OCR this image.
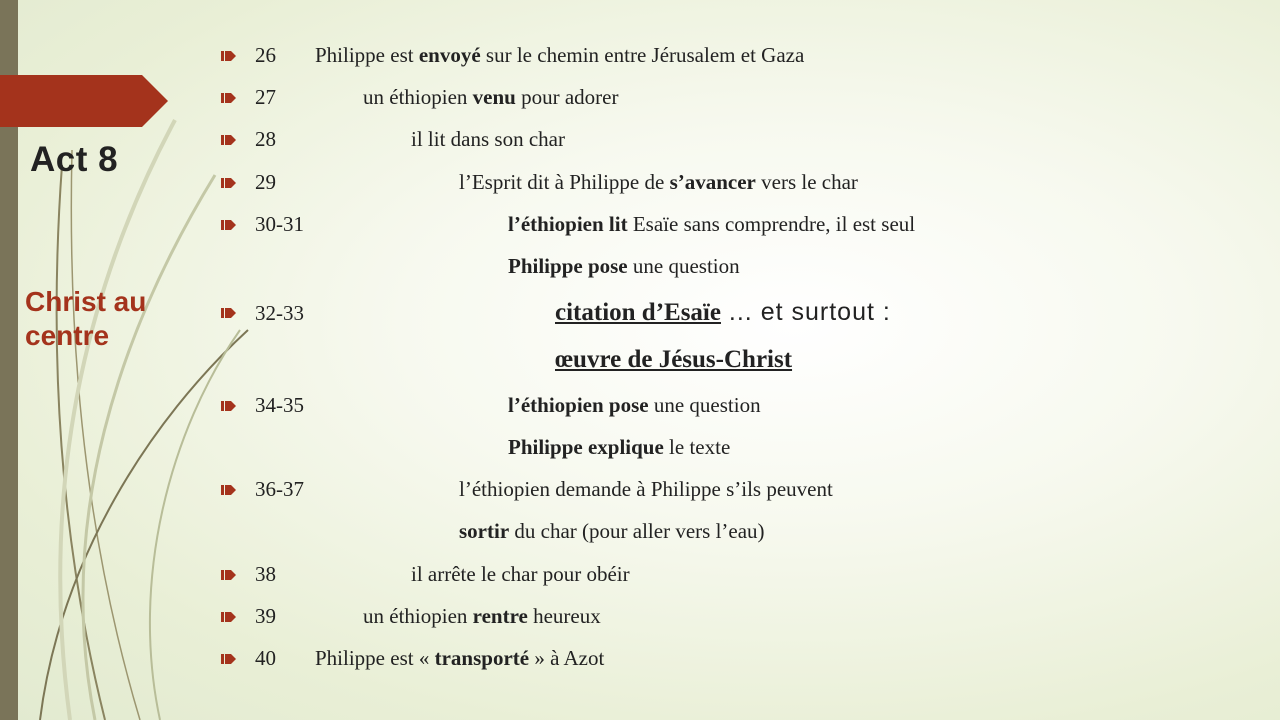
Act 8
Christ au centre
26 Philippe est envoyé sur le chemin entre Jérusalem et Gaza
27	un éthiopien venu pour adorer
28	il lit dans son char
29	l’Esprit dit à Philippe de s’avancer vers le char
30-31	l’éthiopien lit Esaïe sans comprendre, il est seul
Philippe pose une question
32-33	citation d’Esaïe ... et surtout :
œuvre de Jésus-Christ
34-35	l’éthiopien pose une question
Philippe explique le texte
36-37	l’éthiopien demande à Philippe s’ils peuvent
sortir du char (pour aller vers l’eau)
38	il arrête le char pour obéir
39	un éthiopien rentre heureux
40 Philippe est « transporté » à Azot
